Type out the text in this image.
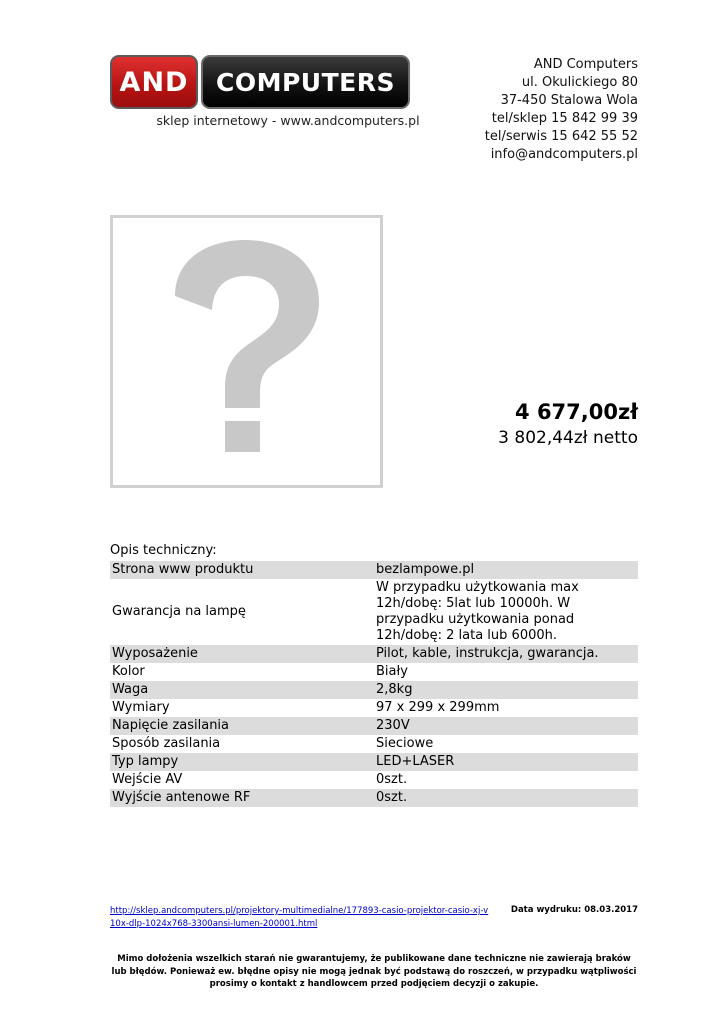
AND	COMPUTERS
sklep internetowy - www.andcomputers.pl
AND Computers
ul. Okulickiego 80
37-450 Stalowa Wola
tel/sklep 15 842 99 39
tel/serwis 15 642 55 52
info@andcomputers.pl
4 677,00zł
3 802,44zł netto
Opis techniczny:
Strona www produktu	bezlampowe.pl
Gwarancja na lampę	W przypadku użytkowania max 12h/dobę: 5lat lub 10000h. W przypadku użytkowania ponad 12h/dobę: 2 lata lub 6000h.
Wyposażenie	Pilot, kable, instrukcja, gwarancja.
Kolor	Biały
Waga	2,8kg
Wymiary	97 x 299 x 299mm
Napięcie zasilania	230V
Sposób zasilania	Sieciowe
Typ lampy	LED+LASER
Wejście AV	0szt.
Wyjście antenowe RF	0szt.
http://sklep.andcomputers.pl/projektory-multimedialne/177893-casio-projektor-casio-xj-v10x-dlp-1024x768-3300ansi-lumen-200001.html
Data wydruku: 08.03.2017
Mimo dołożenia wszelkich starań nie gwarantujemy, że publikowane dane techniczne nie zawierają braków lub błędów. Ponieważ ew. błędne opisy nie mogą jednak być podstawą do roszczeń, w przypadku wątpliwości prosimy o kontakt z handlowcem przed podjęciem decyzji o zakupie.
